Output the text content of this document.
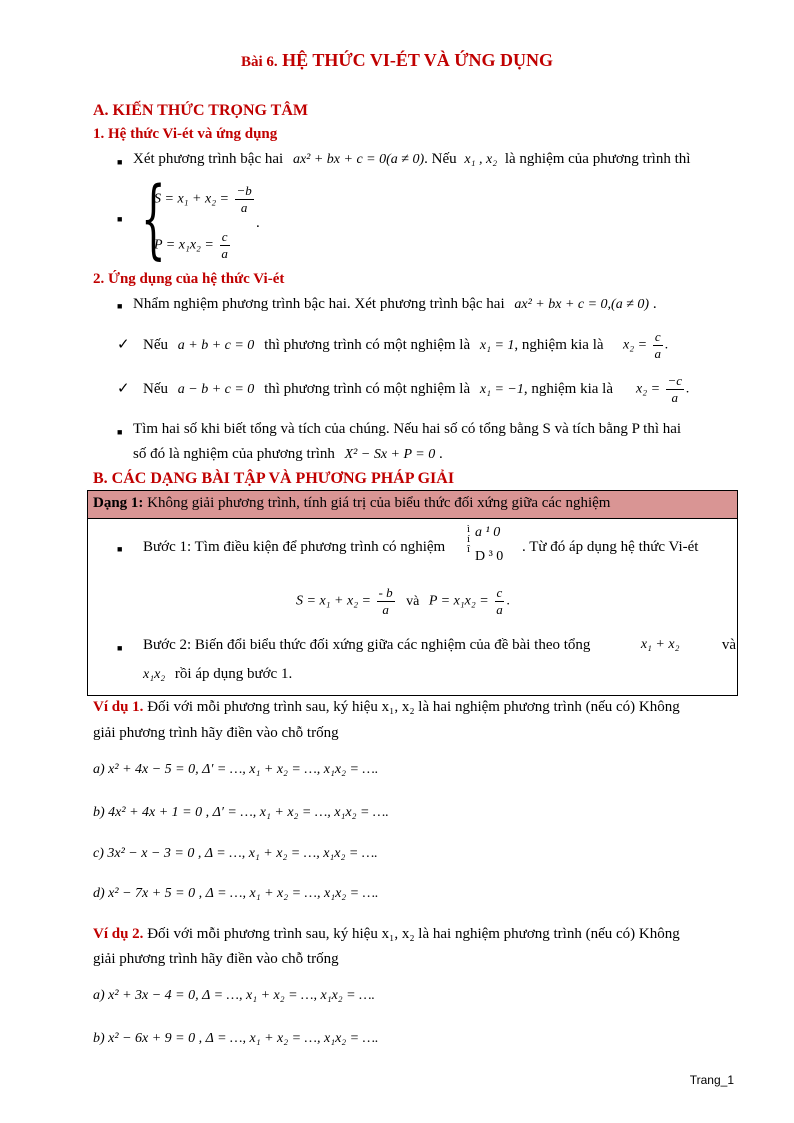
Bài 6. HỆ THỨC VI-ÉT VÀ ỨNG DỤNG
A. KIẾN THỨC TRỌNG TÂM
1. Hệ thức Vi-ét và ứng dụng
■ Xét phương trình bậc hai ax² + bx + c = 0(a ≠ 0). Nếu x₁ , x₂ là nghiệm của phương trình thì
■ {
$S = x_1 + x_2 = \frac{-b}{a}$
.
$P = x_1x_2 = \frac{c}{a}$
2. Ứng dụng của hệ thức Vi-ét
■ Nhẩm nghiệm phương trình bậc hai. Xét phương trình bậc hai ax² + bx + c = 0,(a ≠ 0) .
✓ Nếu a + b + c = 0 thì phương trình có một nghiệm là x₁ = 1, nghiệm kia là $x_2 = \frac{c}{a}$ .
✓ Nếu a − b + c = 0 thì phương trình có một nghiệm là x₁ = −1, nghiệm kia là $x_2 = \frac{-c}{a}$ .
■ Tìm hai số khi biết tổng và tích của chúng. Nếu hai số có tổng bằng S và tích bằng P thì hai
số đó là nghiệm của phương trình X² − Sx + P = 0 .
B. CÁC DẠNG BÀI TẬP VÀ PHƯƠNG PHÁP GIẢI
Dạng 1: Không giải phương trình, tính giá trị của biểu thức đối xứng giữa các nghiệm
■ Bước 1: Tìm điều kiện để phương trình có nghiệm
ì
í
î
a ¹ 0
D ³ 0
. Từ đó áp dụng hệ thức Vi-ét
$S = x_1 + x_2 = \frac{- b}{a}$ và $P = x_1x_2 = \frac{c}{a}$ .
■ Bước 2: Biến đổi biểu thức đối xứng giữa các nghiệm của đề bài theo tổng	x₁ + x₂	và
x₁x₂ rồi áp dụng bước 1.
Ví dụ 1. Đối với mỗi phương trình sau, ký hiệu x₁, x₂ là hai nghiệm phương trình (nếu có) Không
giải phương trình hãy điền vào chỗ trống
a) x² + 4x − 5 = 0, Δ′ = …, x₁ + x₂ = …, x₁x₂ = ….
b) 4x² + 4x + 1 = 0 , Δ′ = …, x₁ + x₂ = …, x₁x₂ = ….
c) 3x² − x − 3 = 0 , Δ = …, x₁ + x₂ = …, x₁x₂ = ….
d) x² − 7x + 5 = 0 , Δ = …, x₁ + x₂ = …, x₁x₂ = ….
Ví dụ 2. Đối với mỗi phương trình sau, ký hiệu x₁, x₂ là hai nghiệm phương trình (nếu có) Không
giải phương trình hãy điền vào chỗ trống
a) x² + 3x − 4 = 0, Δ = …, x₁ + x₂ = …, x₁x₂ = ….
b) x² − 6x + 9 = 0 , Δ = …, x₁ + x₂ = …, x₁x₂ = ….
Trang_1
